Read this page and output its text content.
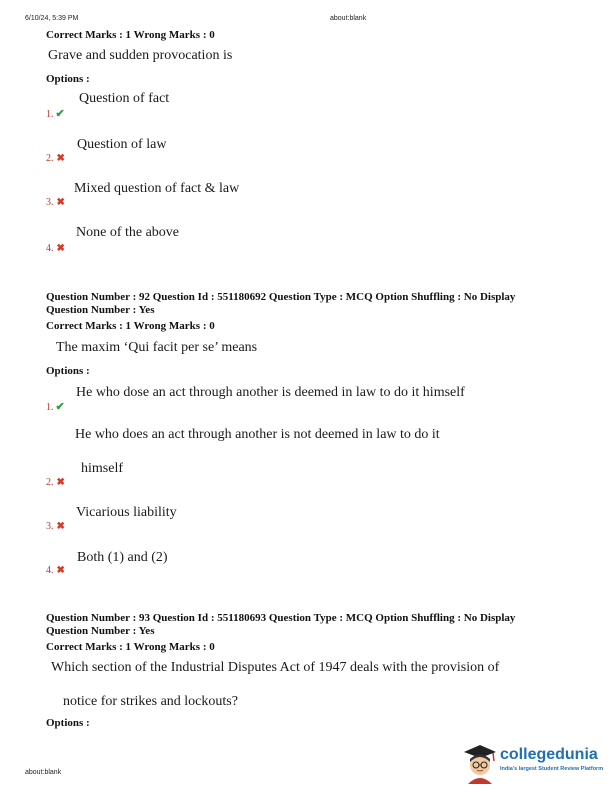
6/10/24, 5:39 PM	about:blank
Correct Marks : 1 Wrong Marks : 0
Grave and sudden provocation is
Options :
1. ✔
Question of fact
2. ✖
Question of law
3. ✖
Mixed question of fact & law
4. ✖
None of the above
Question Number : 92 Question Id : 551180692 Question Type : MCQ Option Shuffling : No Display
Question Number : Yes
Correct Marks : 1 Wrong Marks : 0
The maxim ‘Qui facit per se’ means
Options :
1. ✔
He who dose an act through another is deemed in law to do it himself
He who does an act through another is not deemed in law to do it
2. ✖
himself
3. ✖
Vicarious liability
4. ✖
Both (1) and (2)
Question Number : 93 Question Id : 551180693 Question Type : MCQ Option Shuffling : No Display
Question Number : Yes
Correct Marks : 1 Wrong Marks : 0
Which section of the Industrial Disputes Act of 1947 deals with the provision of
notice for strikes and lockouts?
Options :
about:blank
collegedunia
India's largest Student Review Platform
